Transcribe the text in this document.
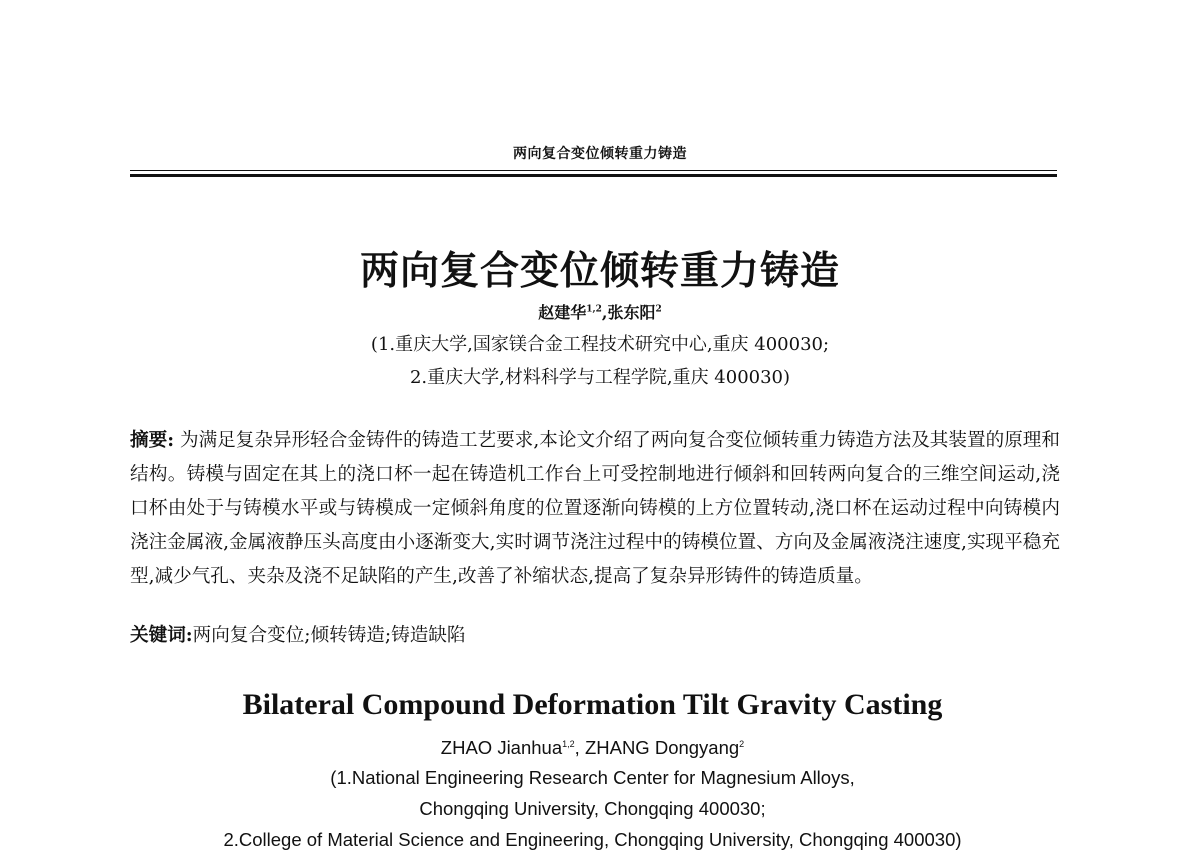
两向复合变位倾转重力铸造
两向复合变位倾转重力铸造
赵建华$^{1,2}$,张东阳$^2$
(1.重庆大学,国家镁合金工程技术研究中心,重庆 400030;
2.重庆大学,材料科学与工程学院,重庆 400030)
摘要: 为满足复杂异形轻合金铸件的铸造工艺要求,本论文介绍了两向复合变位倾转重力铸造方法及其装置的原理和结构。铸模与固定在其上的浇口杯一起在铸造机工作台上可受控制地进行倾斜和回转两向复合的三维空间运动,浇口杯由处于与铸模水平或与铸模成一定倾斜角度的位置逐渐向铸模的上方位置转动,浇口杯在运动过程中向铸模内浇注金属液,金属液静压头高度由小逐渐变大,实时调节浇注过程中的铸模位置、方向及金属液浇注速度,实现平稳充型,减少气孔、夹杂及浇不足缺陷的产生,改善了补缩状态,提高了复杂异形铸件的铸造质量。
关键词:两向复合变位;倾转铸造;铸造缺陷
Bilateral Compound Deformation Tilt Gravity Casting
ZHAO Jianhua$^{1,2}$, ZHANG Dongyang$^2$
(1.National Engineering Research Center for Magnesium Alloys,
Chongqing University, Chongqing 400030;
2.College of Material Science and Engineering, Chongqing University, Chongqing 400030)
